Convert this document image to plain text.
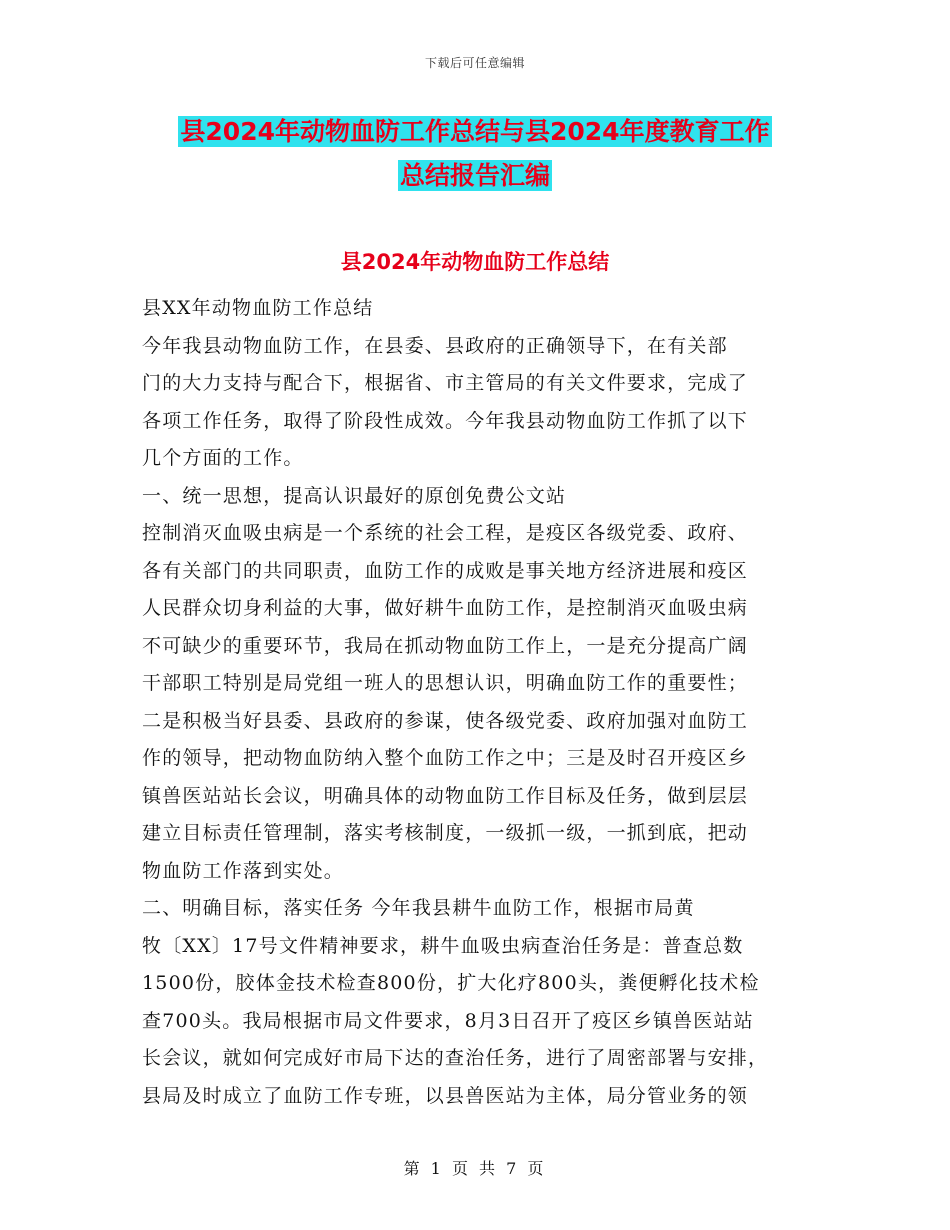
下载后可任意编辑
县2024年动物血防工作总结与县2024年度教育工作
总结报告汇编
县2024年动物血防工作总结
县XX年动物血防工作总结
今年我县动物血防工作，在县委、县政府的正确领导下，在有关部
门的大力支持与配合下，根据省、市主管局的有关文件要求，完成了
各项工作任务，取得了阶段性成效。今年我县动物血防工作抓了以下
几个方面的工作。
一、统一思想，提高认识最好的原创免费公文站
控制消灭血吸虫病是一个系统的社会工程，是疫区各级党委、政府、
各有关部门的共同职责，血防工作的成败是事关地方经济进展和疫区
人民群众切身利益的大事，做好耕牛血防工作，是控制消灭血吸虫病
不可缺少的重要环节，我局在抓动物血防工作上，一是充分提高广阔
干部职工特别是局党组一班人的思想认识，明确血防工作的重要性；
二是积极当好县委、县政府的参谋，使各级党委、政府加强对血防工
作的领导，把动物血防纳入整个血防工作之中；三是及时召开疫区乡
镇兽医站站长会议，明确具体的动物血防工作目标及任务，做到层层
建立目标责任管理制，落实考核制度，一级抓一级，一抓到底，把动
物血防工作落到实处。
二、明确目标，落实任务 今年我县耕牛血防工作，根据市局黄
牧〔XX〕17号文件精神要求，耕牛血吸虫病查治任务是：普查总数
1500份，胶体金技术检查800份，扩大化疗800头，粪便孵化技术检
查700头。我局根据市局文件要求，8月3日召开了疫区乡镇兽医站站
长会议，就如何完成好市局下达的查治任务，进行了周密部署与安排，
县局及时成立了血防工作专班，以县兽医站为主体，局分管业务的领
第 1 页 共 7 页
